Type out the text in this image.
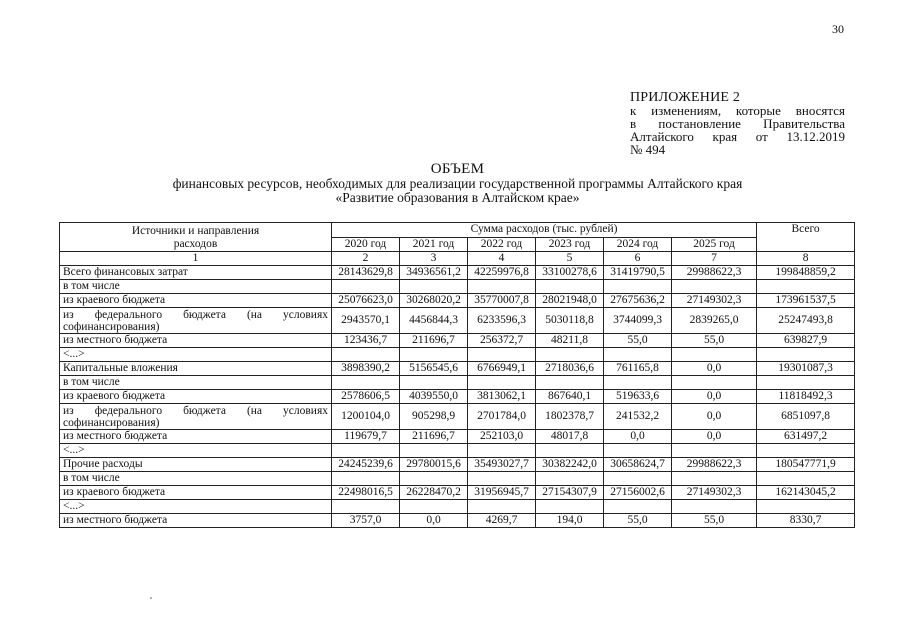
30
ПРИЛОЖЕНИЕ 2
к изменениям, которые вносятся
в постановление Правительства
Алтайского края от 13.12.2019
№ 494
ОБЪЕМ
финансовых ресурсов, необходимых для реализации государственной программы Алтайского края
«Развитие образования в Алтайском крае»
Источники и направления расходов	Сумма расходов (тыс. рублей)						Всего
	2020 год	2021 год	2022 год	2023 год	2024 год	2025 год	
1	2	3	4	5	6	7	8
Всего финансовых затрат	28143629,8	34936561,2	42259976,8	33100278,6	31419790,5	29988622,3	199848859,2
в том числе							
из краевого бюджета	25076623,0	30268020,2	35770007,8	28021948,0	27675636,2	27149302,3	173961537,5
из федерального бюджета (на условиях софинансирования)	2943570,1	4456844,3	6233596,3	5030118,8	3744099,3	2839265,0	25247493,8
из местного бюджета	123436,7	211696,7	256372,7	48211,8	55,0	55,0	639827,9
<...>							
Капитальные вложения	3898390,2	5156545,6	6766949,1	2718036,6	761165,8	0,0	19301087,3
в том числе							
из краевого бюджета	2578606,5	4039550,0	3813062,1	867640,1	519633,6	0,0	11818492,3
из федерального бюджета (на условиях софинансирования)	1200104,0	905298,9	2701784,0	1802378,7	241532,2	0,0	6851097,8
из местного бюджета	119679,7	211696,7	252103,0	48017,8	0,0	0,0	631497,2
<...>							
Прочие расходы	24245239,6	29780015,6	35493027,7	30382242,0	30658624,7	29988622,3	180547771,9
в том числе							
из краевого бюджета	22498016,5	26228470,2	31956945,7	27154307,9	27156002,6	27149302,3	162143045,2
<...>							
из местного бюджета	3757,0	0,0	4269,7	194,0	55,0	55,0	8330,7
